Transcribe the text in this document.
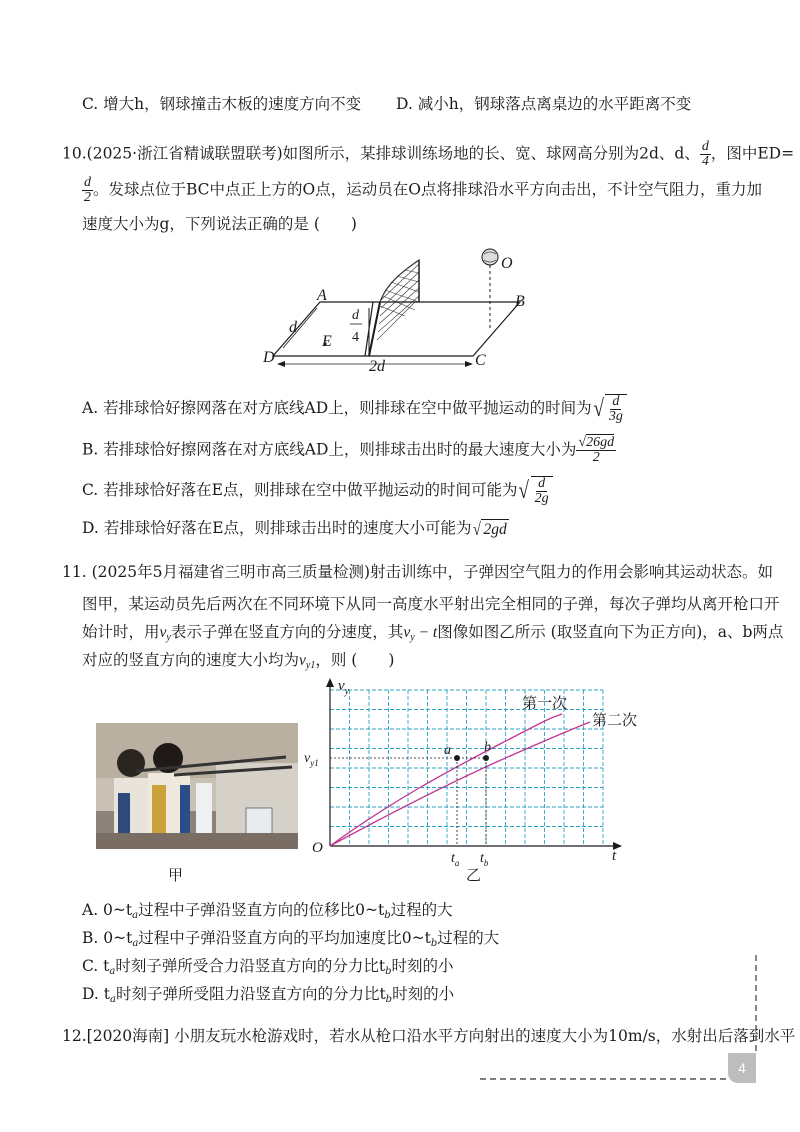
C. 增大h，钢球撞击木板的速度方向不变 D. 减小h，钢球落点离桌边的水平距离不变
10.(2025·浙江省精诚联盟联考)如图所示，某排球训练场地的长、宽、球网高分别为2d、d、 $\frac{d}{4}$ ，图中ED=
$\frac{d}{2}$ 。发球点位于BC中点正上方的O点，运动员在O点将排球沿水平方向击出，不计空气阻力，重力加
速度大小为g，下列说法正确的是 (　　)
A	B
C
D
E
O
d
d
4
2d
A. 若排球恰好擦网落在对方底线AD上，则排球在空中做平抛运动的时间为 √ $\frac{d}{3g}$
B. 若排球恰好擦网落在对方底线AD上，则排球击出时的最大速度大小为 $\frac{√26gd}{2}$
C. 若排球恰好落在E点，则排球在空中做平抛运动的时间可能为 √ $\frac{d}{2g}$
D. 若排球恰好落在E点，则排球击出时的速度大小可能为 √ 2gd
11. (2025年5月福建省三明市高三质量检测)射击训练中，子弹因空气阻力的作用会影响其运动状态。如
图甲，某运动员先后两次在不同环境下从同一高度水平射出完全相同的子弹，每次子弹均从离开枪口开
始计时，用$v_y$表示子弹在竖直方向的分速度，其$v_y - t$图像如图乙所示 (取竖直向下为正方向)，a、b两点
对应的竖直方向的速度大小均为$v_{y1}$，则 (　　)
甲
$v_y$
t
O
$v_{y1}$
$t_a$ $t_b$
a b
第一次
第二次
乙
A. $0\sim t_a$过程中子弹沿竖直方向的位移比$0\sim t_b$过程的大
B. $0\sim t_a$过程中子弹沿竖直方向的平均加速度比$0\sim t_b$过程的大
C. $t_a$时刻子弹所受合力沿竖直方向的分力比$t_b$时刻的小
D. $t_a$时刻子弹所受阻力沿竖直方向的分力比$t_b$时刻的小
12.[2020海南] 小朋友玩水枪游戏时，若水从枪口沿水平方向射出的速度大小为10m/s，水射出后落到水平
4
